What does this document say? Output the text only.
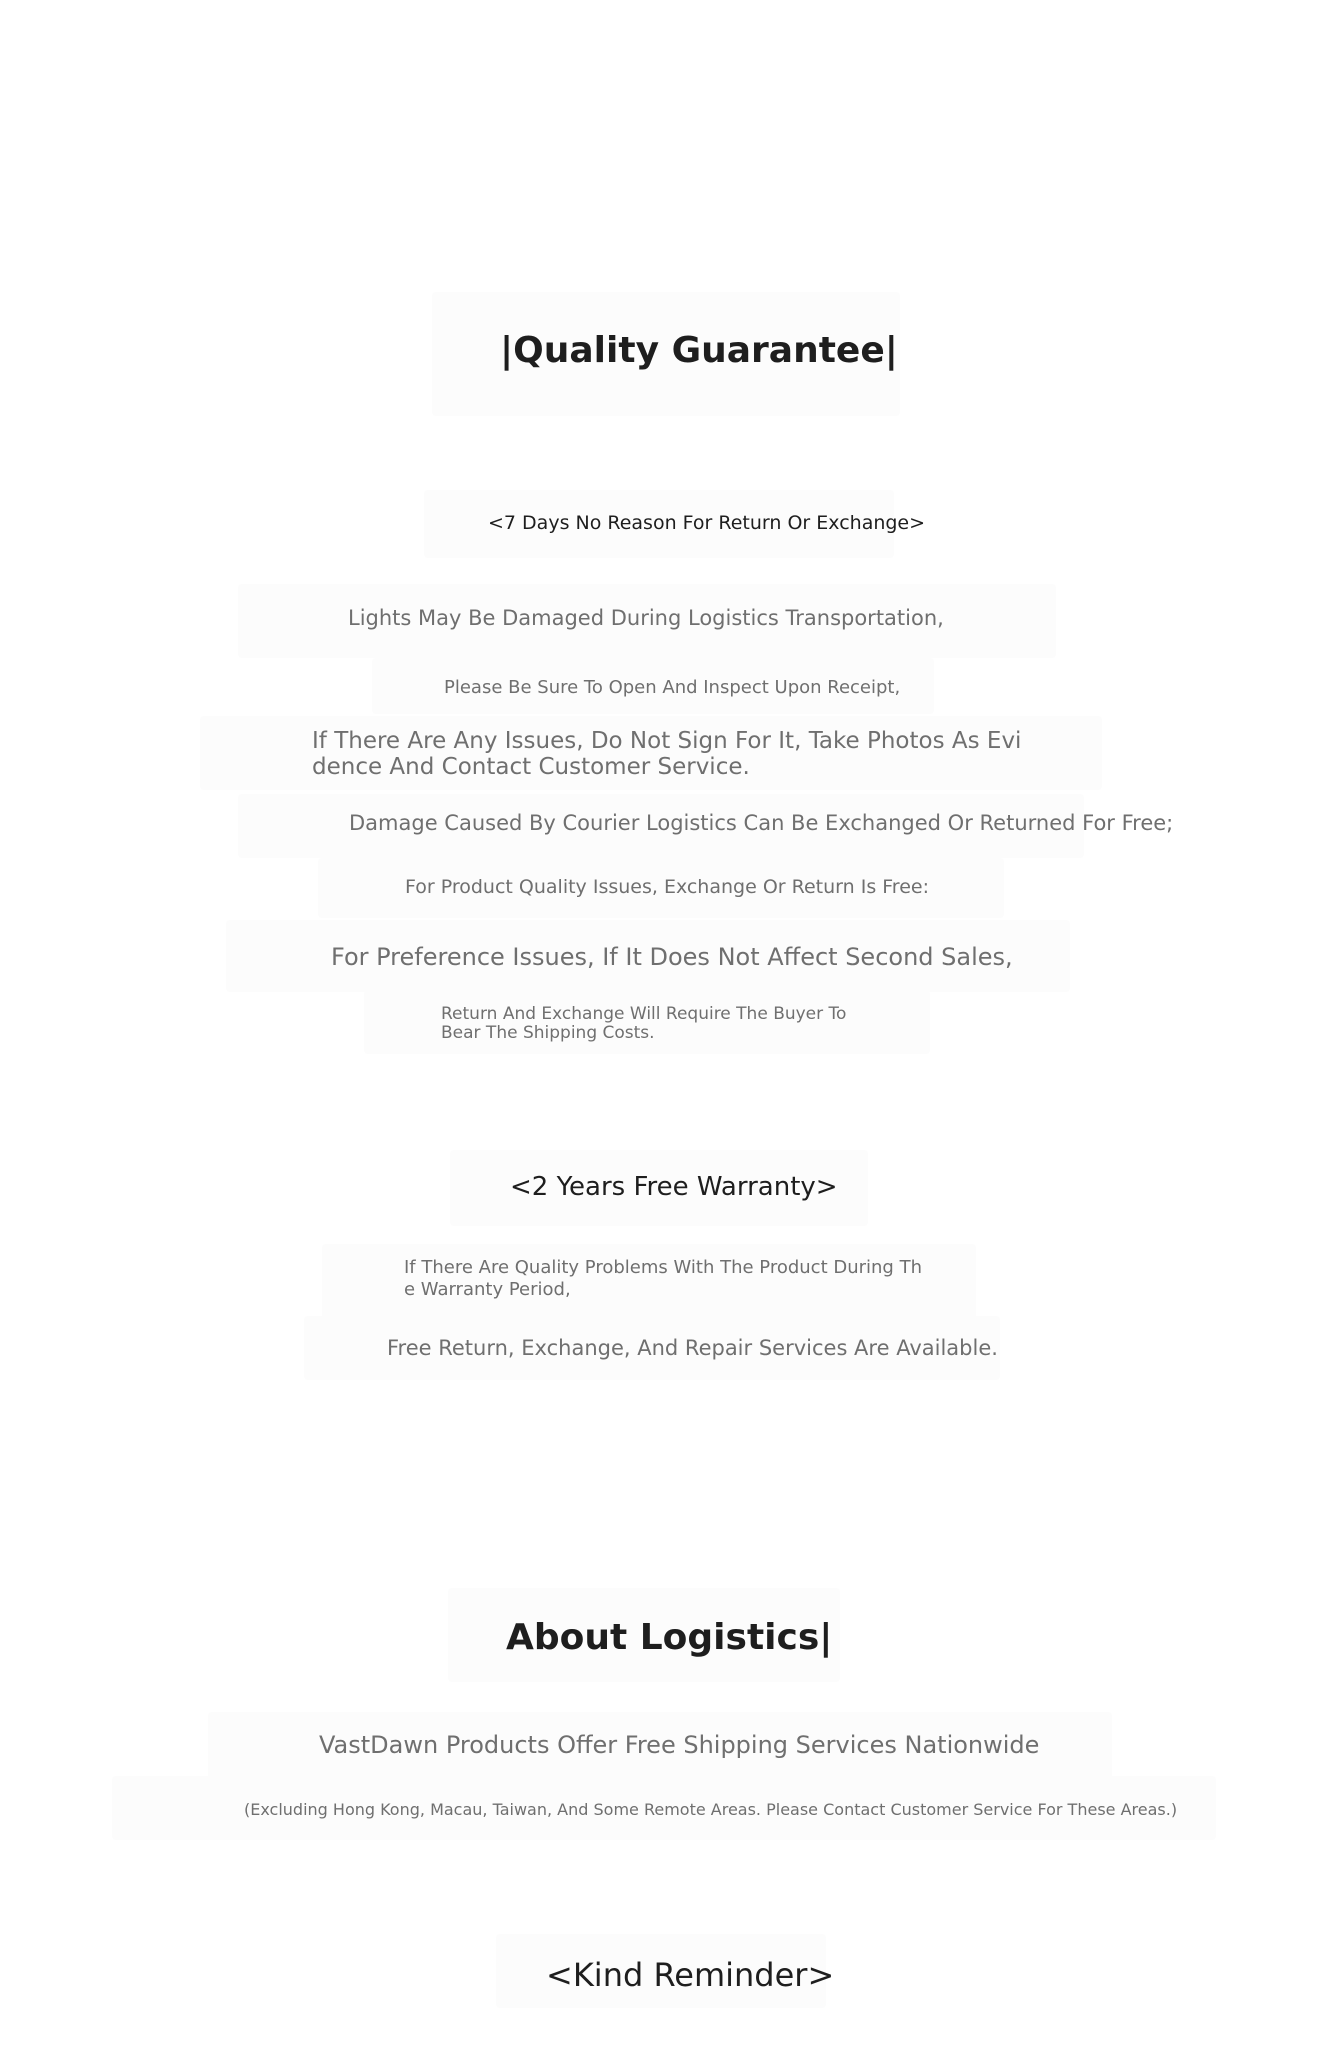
|Quality Guarantee|
<7 Days No Reason For Return Or Exchange>
Lights May Be Damaged During Logistics Transportation,
Please Be Sure To Open And Inspect Upon Receipt,
If There Are Any Issues, Do Not Sign For It, Take Photos As Evi
dence And Contact Customer Service.
Damage Caused By Courier Logistics Can Be Exchanged Or Returned For Free;
For Product Quality Issues, Exchange Or Return Is Free:
For Preference Issues, If It Does Not Affect Second Sales,
Return And Exchange Will Require The Buyer To
Bear The Shipping Costs.
<2 Years Free Warranty>
If There Are Quality Problems With The Product During Th
e Warranty Period,
Free Return, Exchange, And Repair Services Are Available.
About Logistics|
VastDawn Products Offer Free Shipping Services Nationwide
(Excluding Hong Kong, Macau, Taiwan, And Some Remote Areas. Please Contact Customer Service For These Areas.)
<Kind Reminder>
